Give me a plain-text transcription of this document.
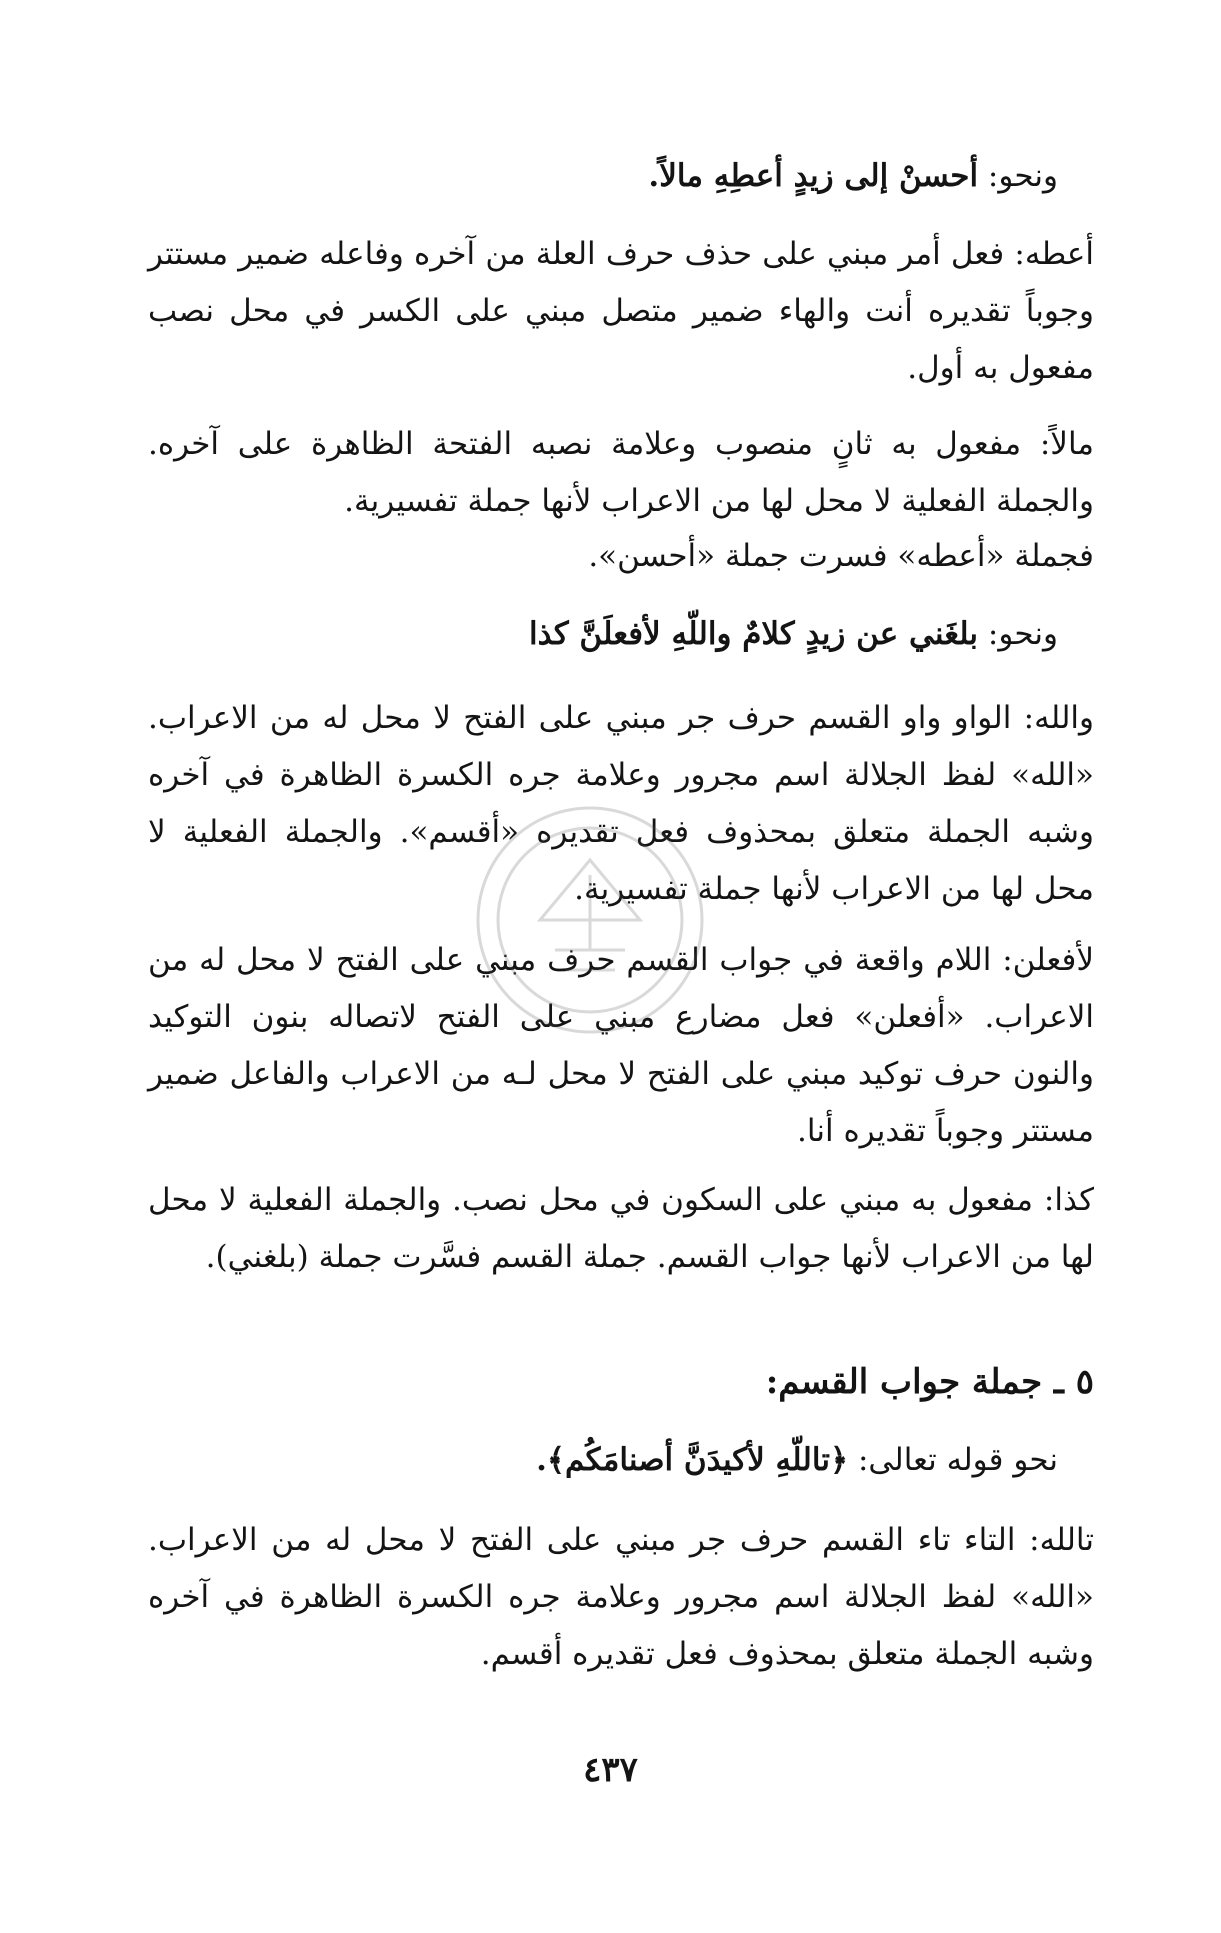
ونحو: أحسنْ إلى زيدٍ أعطِهِ مالاً.

أعطه: فعل أمر مبني على حذف حرف العلة من آخره وفاعله ضمير مستتر وجوباً تقديره أنت والهاء ضمير متصل مبني على الكسر في محل نصب مفعول به أول.

مالاً: مفعول به ثانٍ منصوب وعلامة نصبه الفتحة الظاهرة على آخره. والجملة الفعلية لا محل لها من الاعراب لأنها جملة تفسيرية.

فجملة «أعطه» فسرت جملة «أحسن».

ونحو: بلغَني عن زيدٍ كلامٌ واللّهِ لأفعلَنَّ كذا

والله: الواو واو القسم حرف جر مبني على الفتح لا محل له من الاعراب. «الله» لفظ الجلالة اسم مجرور وعلامة جره الكسرة الظاهرة في آخره وشبه الجملة متعلق بمحذوف فعل تقديره «أقسم». والجملة الفعلية لا محل لها من الاعراب لأنها جملة تفسيرية.

لأفعلن: اللام واقعة في جواب القسم حرف مبني على الفتح لا محل له من الاعراب. «أفعلن» فعل مضارع مبني على الفتح لاتصاله بنون التوكيد والنون حرف توكيد مبني على الفتح لا محل لـه من الاعراب والفاعل ضمير مستتر وجوباً تقديره أنا.

كذا: مفعول به مبني على السكون في محل نصب. والجملة الفعلية لا محل لها من الاعراب لأنها جواب القسم. جملة القسم فسَّرت جملة (بلغني).

٥ ـ جملة جواب القسم:
نحو قوله تعالى: ﴿تاللّهِ لأكيدَنَّ أصنامَكُم﴾.

تالله: التاء تاء القسم حرف جر مبني على الفتح لا محل له من الاعراب. «الله» لفظ الجلالة اسم مجرور وعلامة جره الكسرة الظاهرة في آخره وشبه الجملة متعلق بمحذوف فعل تقديره أقسم.

٤٣٧
